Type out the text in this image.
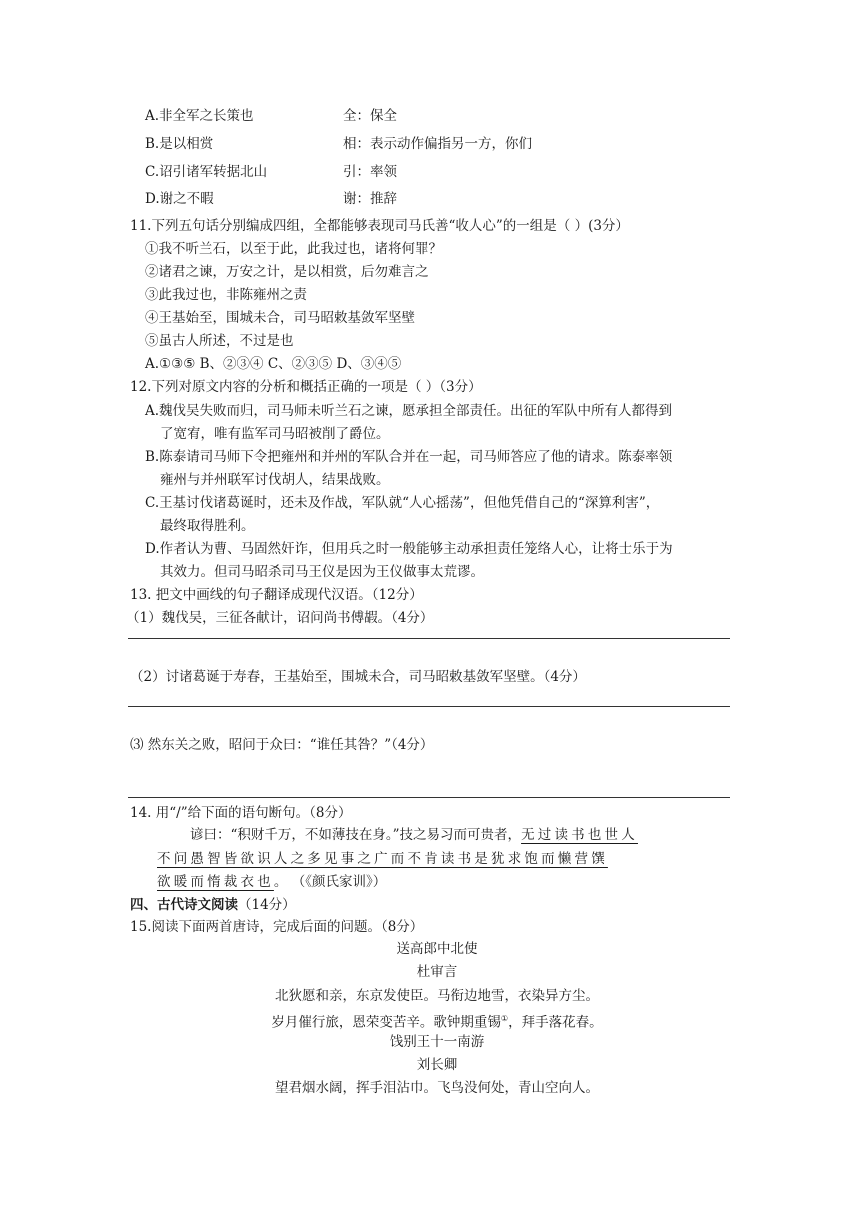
A.非全军之长策也	全：保全
B.是以相赏	相：表示动作偏指另一方，你们
C.诏引诸军转据北山	引：率领
D.谢之不暇	谢：推辞
11.下列五句话分别编成四组，全都能够表现司马氏善“收人心”的一组是（ ）(3分）
①我不听兰石，以至于此，此我过也，诸将何罪？
②诸君之谏，万安之计，是以相赏，后勿难言之
③此我过也，非陈雍州之责
④王基始至，围城未合，司马昭敕基敛军坚壁
⑤虽古人所述，不过是也
A.①③⑤ B、②③④ C、②③⑤ D、③④⑤
12.下列对原文内容的分析和概括正确的一项是（ ）（3分）
A.魏伐吴失败而归，司马师未听兰石之谏，愿承担全部责任。出征的军队中所有人都得到
了宽宥，唯有监军司马昭被削了爵位。
B.陈泰请司马师下令把雍州和并州的军队合并在一起，司马师答应了他的请求。陈泰率领
雍州与并州联军讨伐胡人，结果战败。
C.王基讨伐诸葛诞时，还未及作战，军队就“人心摇荡”，但他凭借自己的“深算利害”，
最终取得胜利。
D.作者认为曹、马固然奸诈，但用兵之时一般能够主动承担责任笼络人心，让将士乐于为
其效力。但司马昭杀司马王仪是因为王仪做事太荒谬。
13. 把文中画线的句子翻译成现代汉语。（12分）
（1）魏伐吴，三征各献计，诏问尚书傅嘏。（4分）
（2）讨诸葛诞于寿春，王基始至，围城未合，司马昭敕基敛军坚壁。（4分）
⑶ 然东关之败，昭问于众曰：“谁任其咎？”（4分）
14. 用“/”给下面的语句断句。（8分）
谚曰：“积财千万，不如薄技在身。”技之易习而可贵者，无过读书也世人
不问愚智皆欲识人之多见事之广而不肯读书是犹求饱而懒营馔
欲暖而惰裁衣也。 （《颜氏家训》）
四、古代诗文阅读（14分）
15.阅读下面两首唐诗，完成后面的问题。（8分）
送高郎中北使
杜审言
北狄愿和亲，东京发使臣。马衔边地雪，衣染异方尘。
岁月催行旅，恩荣变苦辛。歌钟期重锡①，拜手落花春。
饯别王十一南游
刘长卿
望君烟水阔，挥手泪沾巾。飞鸟没何处，青山空向人。
